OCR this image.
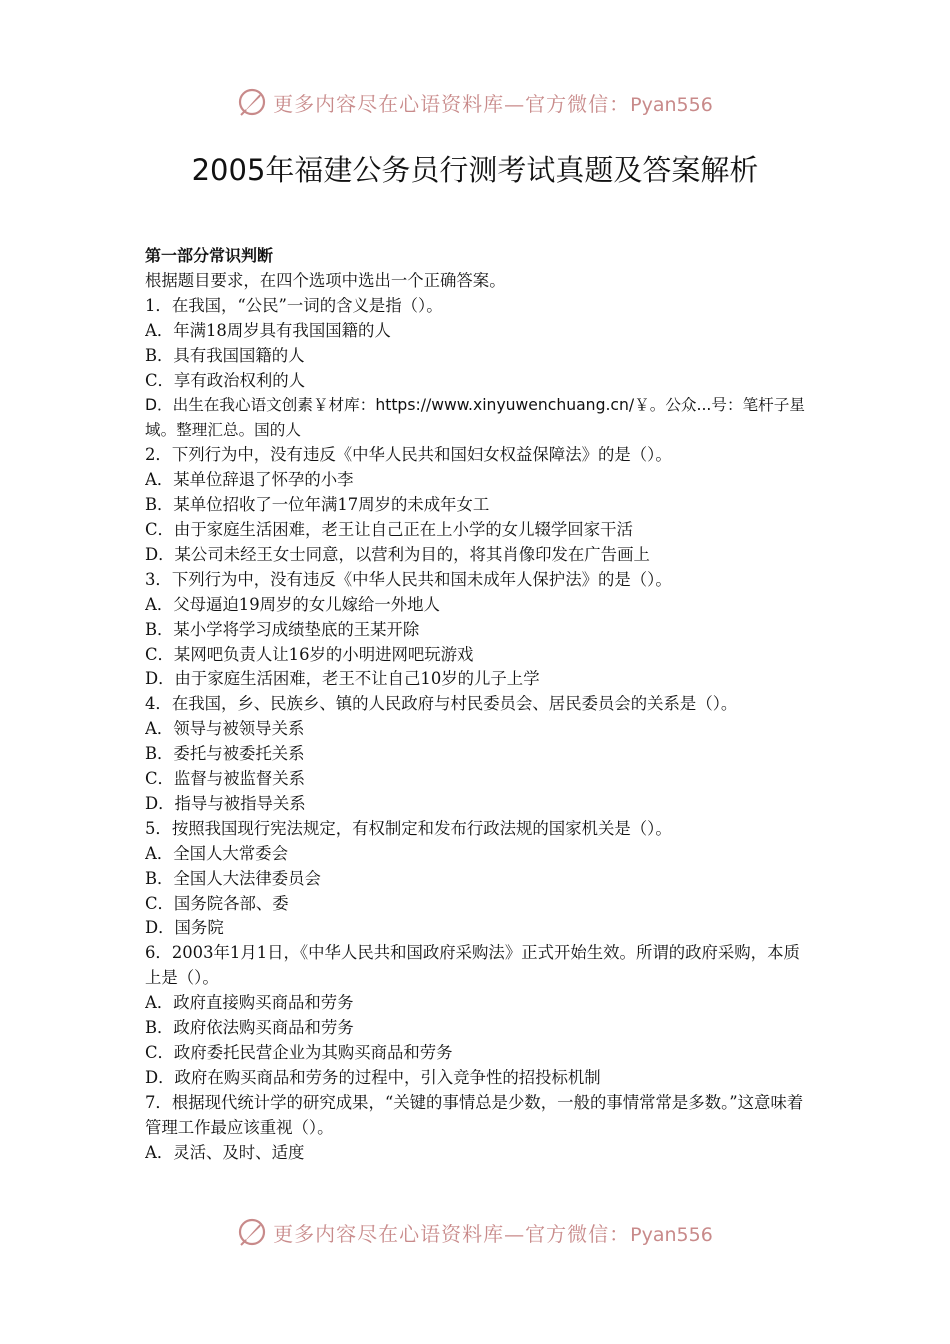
更多内容尽在心语资料库—官方微信：Pyan556
2005年福建公务员行测考试真题及答案解析

第一部分常识判断

根据题目要求，在四个选项中选出一个正确答案。

1．在我国，“公民”一词的含义是指（）。

A．年满18周岁具有我国国籍的人

B．具有我国国籍的人

C．享有政治权利的人

D．出生在我心语文创素￥材库：https://www.xinyuwenchuang.cn/￥。公众...号：笔杆子星域。整理汇总。国的人

2．下列行为中，没有违反《中华人民共和国妇女权益保障法》的是（）。

A．某单位辞退了怀孕的小李

B．某单位招收了一位年满17周岁的未成年女工

C．由于家庭生活困难，老王让自己正在上小学的女儿辍学回家干活

D．某公司未经王女士同意，以营利为目的，将其肖像印发在广告画上

3．下列行为中，没有违反《中华人民共和国未成年人保护法》的是（）。

A．父母逼迫19周岁的女儿嫁给一外地人

B．某小学将学习成绩垫底的王某开除

C．某网吧负责人让16岁的小明进网吧玩游戏

D．由于家庭生活困难，老王不让自己10岁的儿子上学

4．在我国，乡、民族乡、镇的人民政府与村民委员会、居民委员会的关系是（）。

A．领导与被领导关系

B．委托与被委托关系

C．监督与被监督关系

D．指导与被指导关系

5．按照我国现行宪法规定，有权制定和发布行政法规的国家机关是（）。

A．全国人大常委会

B．全国人大法律委员会

C．国务院各部、委

D．国务院

6．2003年1月1日，《中华人民共和国政府采购法》正式开始生效。所谓的政府采购，本质上是（）。

A．政府直接购买商品和劳务

B．政府依法购买商品和劳务

C．政府委托民营企业为其购买商品和劳务

D．政府在购买商品和劳务的过程中，引入竞争性的招投标机制

7．根据现代统计学的研究成果，“关键的事情总是少数，一般的事情常常是多数。”这意味着管理工作最应该重视（）。

A．灵活、及时、适度

更多内容尽在心语资料库—官方微信：Pyan556
